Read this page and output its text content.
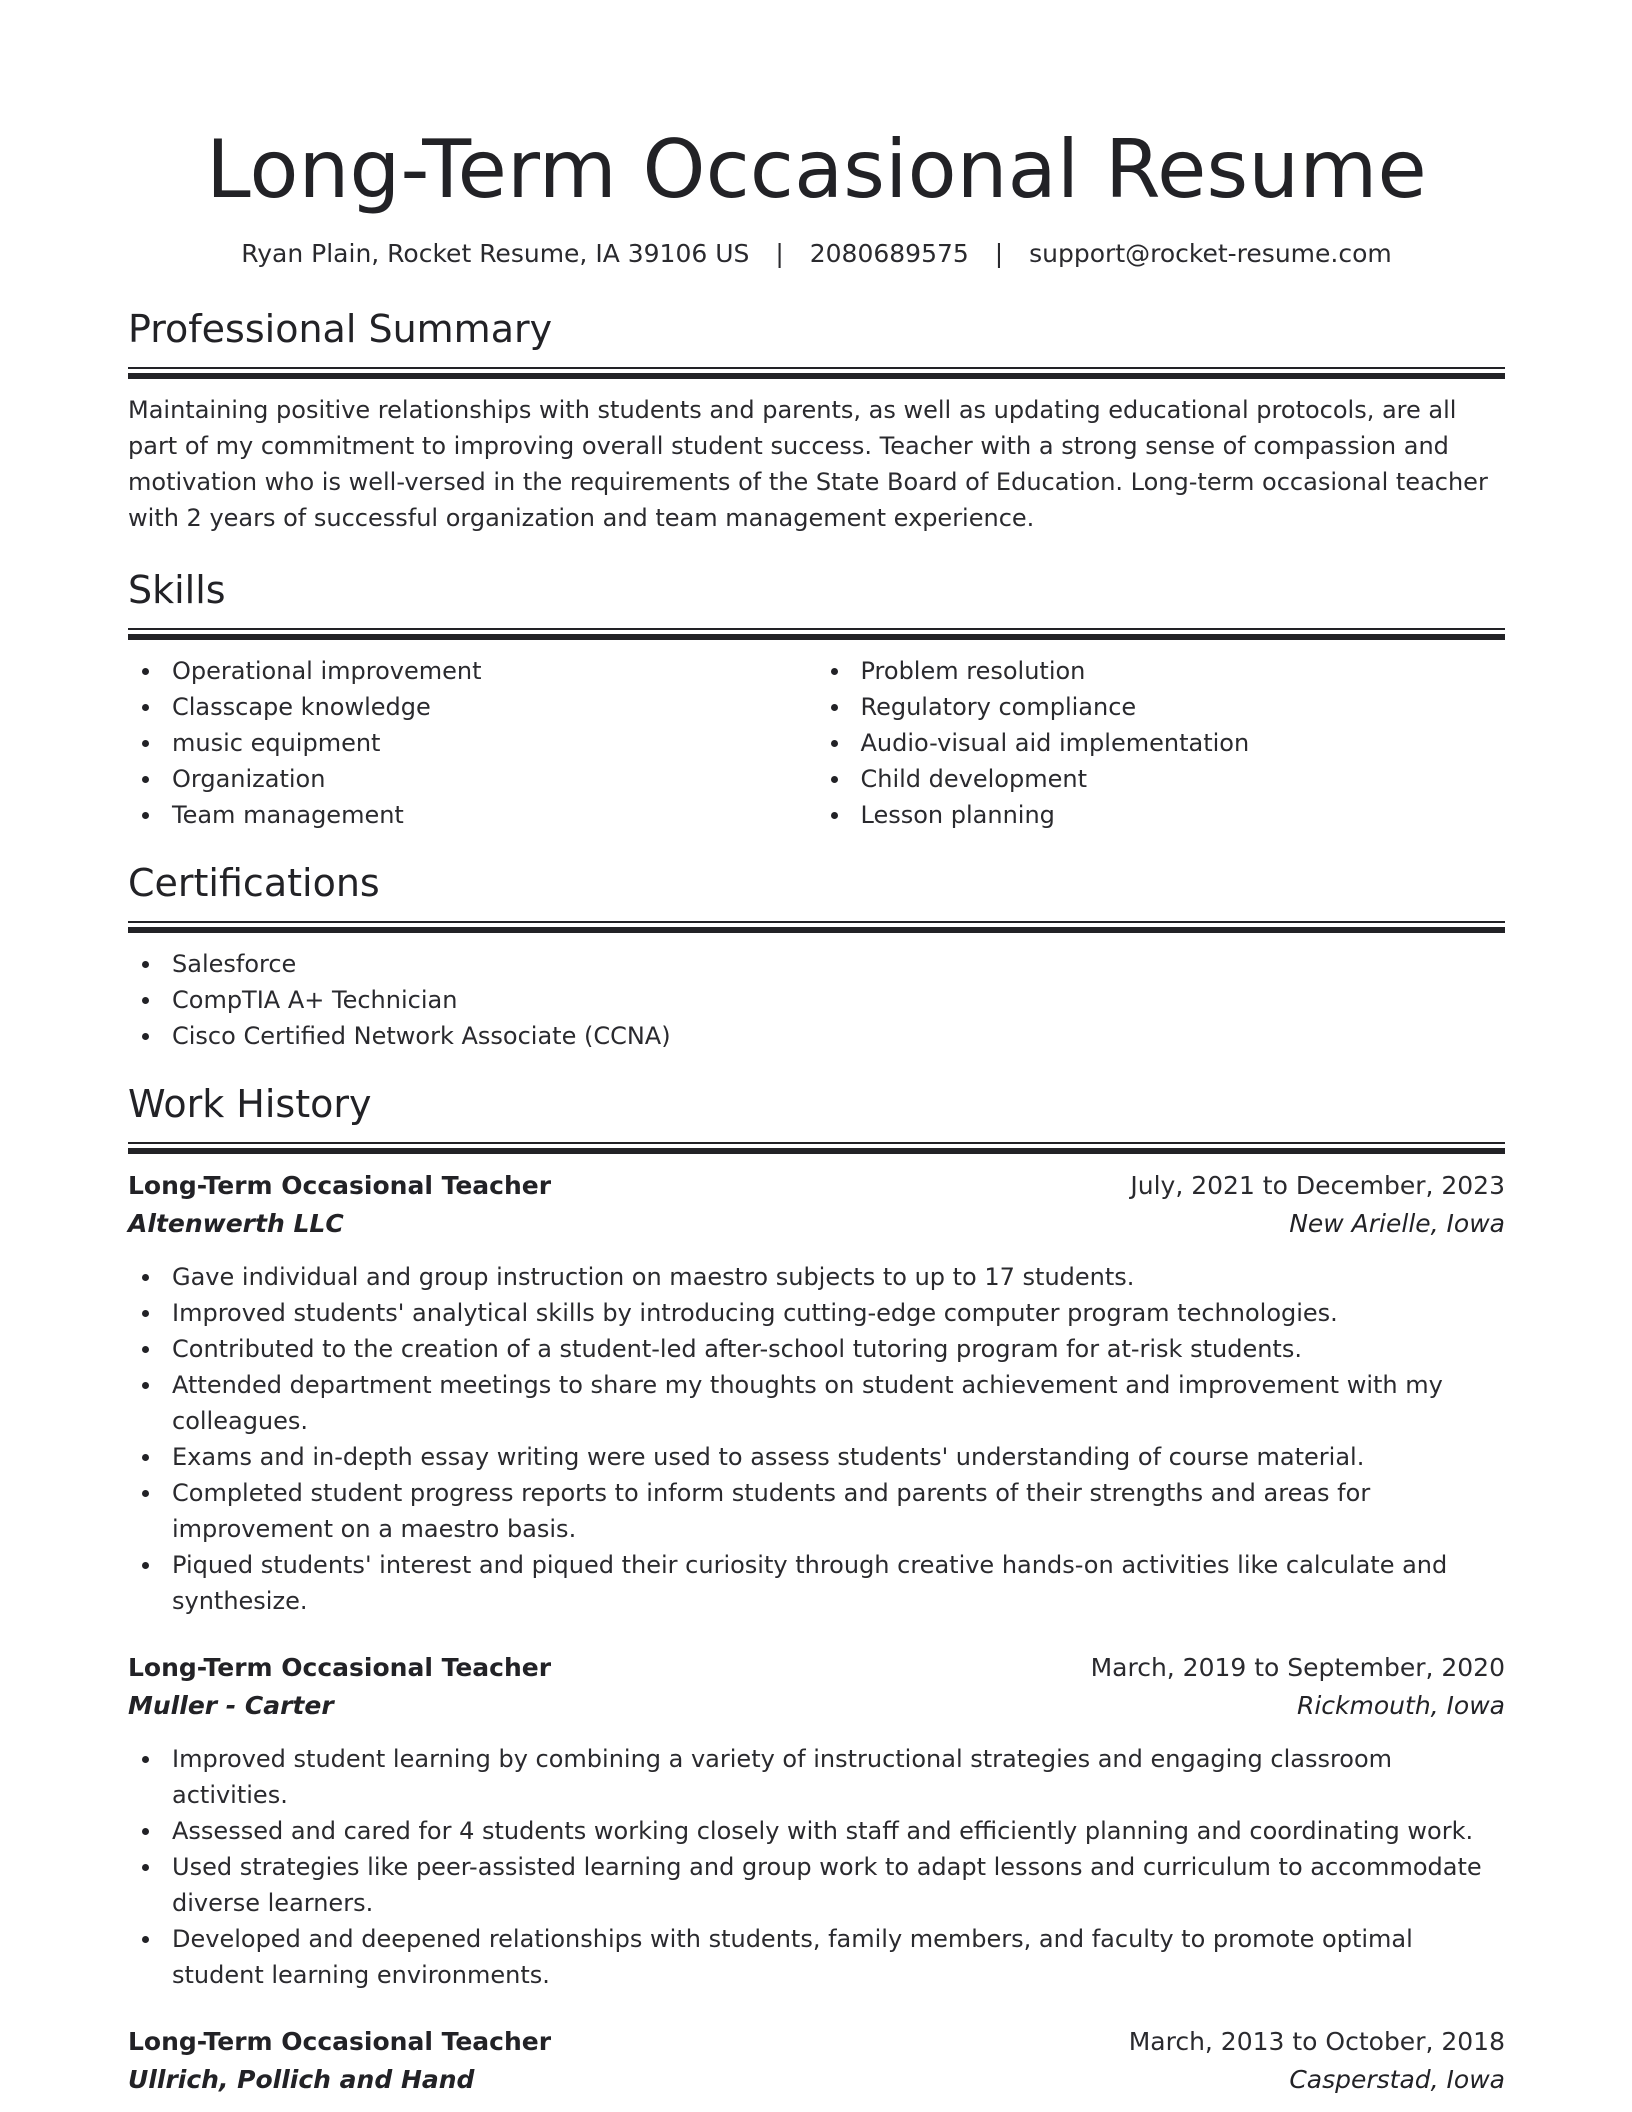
Long-Term Occasional Resume
Ryan Plain, Rocket Resume, IA 39106 US | 2080689575 | support@rocket-resume.com
Professional Summary

Maintaining positive relationships with students and parents, as well as updating educational protocols, are all part of my commitment to improving overall student success. Teacher with a strong sense of compassion and motivation who is well-versed in the requirements of the State Board of Education. Long-term occasional teacher with 2 years of successful organization and team management experience.

Skills
Operational improvement
Classcape knowledge
music equipment
Organization
Team management
Problem resolution
Regulatory compliance
Audio-visual aid implementation
Child development
Lesson planning
Certifications
Salesforce
CompTIA A+ Technician
Cisco Certified Network Associate (CCNA)
Work History
Long-Term Occasional Teacher	July, 2021 to December, 2023
Altenwerth LLC	New Arielle, Iowa
Gave individual and group instruction on maestro subjects to up to 17 students.
Improved students' analytical skills by introducing cutting-edge computer program technologies.
Contributed to the creation of a student-led after-school tutoring program for at-risk students.
Attended department meetings to share my thoughts on student achievement and improvement with my colleagues.
Exams and in-depth essay writing were used to assess students' understanding of course material.
Completed student progress reports to inform students and parents of their strengths and areas for improvement on a maestro basis.
Piqued students' interest and piqued their curiosity through creative hands-on activities like calculate and synthesize.
Long-Term Occasional Teacher	March, 2019 to September, 2020
Muller - Carter	Rickmouth, Iowa
Improved student learning by combining a variety of instructional strategies and engaging classroom activities.
Assessed and cared for 4 students working closely with staff and efficiently planning and coordinating work.
Used strategies like peer-assisted learning and group work to adapt lessons and curriculum to accommodate diverse learners.
Developed and deepened relationships with students, family members, and faculty to promote optimal student learning environments.
Long-Term Occasional Teacher	March, 2013 to October, 2018
Ullrich, Pollich and Hand	Casperstad, Iowa
